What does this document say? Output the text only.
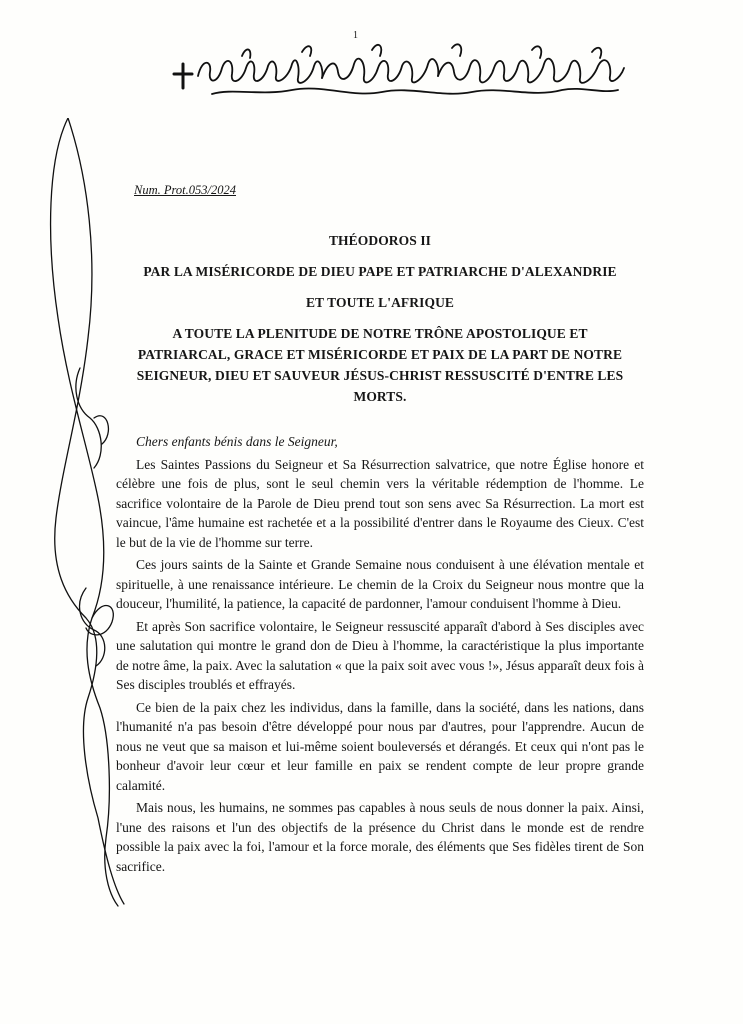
1
Num. Prot.053/2024
THÉODOROS II
PAR LA MISÉRICORDE DE DIEU PAPE ET PATRIARCHE D'ALEXANDRIE
ET TOUTE L'AFRIQUE
A TOUTE LA PLENITUDE DE NOTRE TRÔNE APOSTOLIQUE ET PATRIARCAL, GRACE ET MISÉRICORDE ET PAIX DE LA PART DE NOTRE SEIGNEUR, DIEU ET SAUVEUR JÉSUS-CHRIST RESSUSCITÉ D'ENTRE LES MORTS.

Chers enfants bénis dans le Seigneur,

Les Saintes Passions du Seigneur et Sa Résurrection salvatrice, que notre Église honore et célèbre une fois de plus, sont le seul chemin vers la véritable rédemption de l'homme. Le sacrifice volontaire de la Parole de Dieu prend tout son sens avec Sa Résurrection. La mort est vaincue, l'âme humaine est rachetée et a la possibilité d'entrer dans le Royaume des Cieux. C'est le but de la vie de l'homme sur terre.

Ces jours saints de la Sainte et Grande Semaine nous conduisent à une élévation mentale et spirituelle, à une renaissance intérieure. Le chemin de la Croix du Seigneur nous montre que la douceur, l'humilité, la patience, la capacité de pardonner, l'amour conduisent l'homme à Dieu.

Et après Son sacrifice volontaire, le Seigneur ressuscité apparaît d'abord à Ses disciples avec une salutation qui montre le grand don de Dieu à l'homme, la caractéristique la plus importante de notre âme, la paix. Avec la salutation « que la paix soit avec vous !», Jésus apparaît deux fois à Ses disciples troublés et effrayés.

Ce bien de la paix chez les individus, dans la famille, dans la société, dans les nations, dans l'humanité n'a pas besoin d'être développé pour nous par d'autres, pour l'apprendre. Aucun de nous ne veut que sa maison et lui-même soient bouleversés et dérangés. Et ceux qui n'ont pas le bonheur d'avoir leur cœur et leur famille en paix se rendent compte de leur propre grande calamité.

Mais nous, les humains, ne sommes pas capables à nous seuls de nous donner la paix. Ainsi, l'une des raisons et l'un des objectifs de la présence du Christ dans le monde est de rendre possible la paix avec la foi, l'amour et la force morale, des éléments que Ses fidèles tirent de Son sacrifice.
